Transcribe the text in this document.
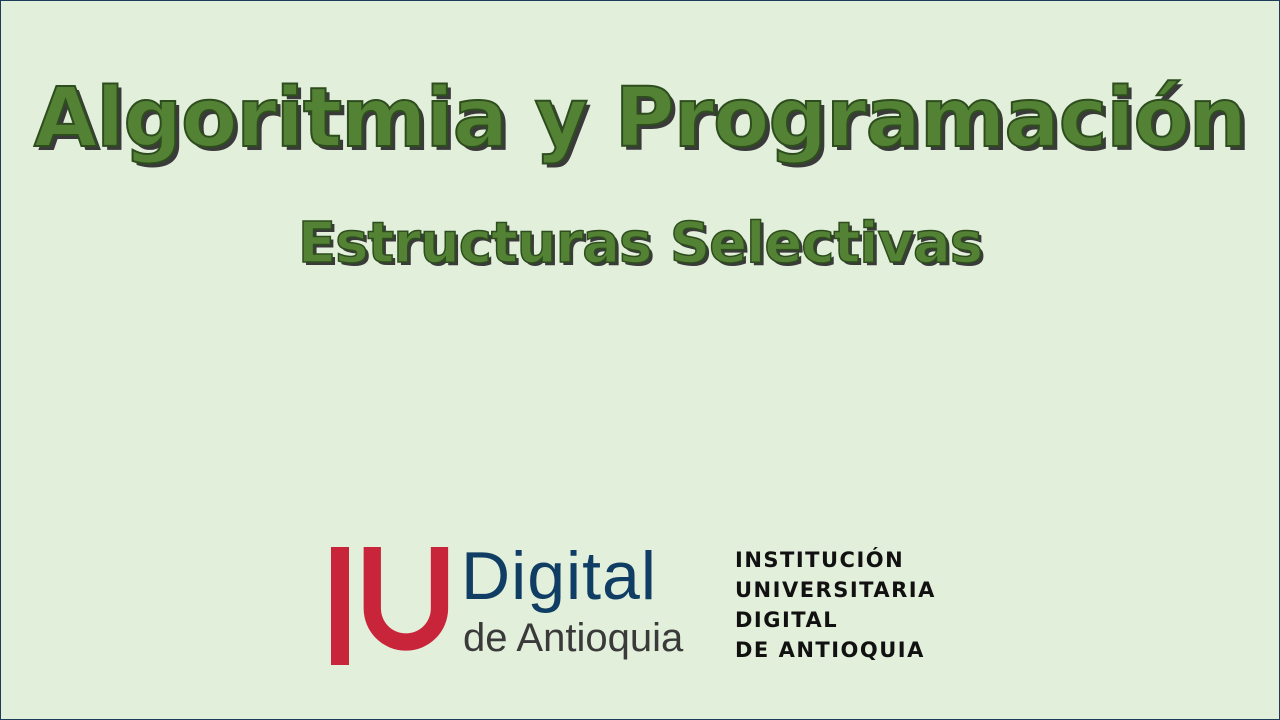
Algoritmia y Programación
Estructuras Selectivas
Digital
de Antioquia
INSTITUCIÓN
UNIVERSITARIA
DIGITAL
DE ANTIOQUIA
